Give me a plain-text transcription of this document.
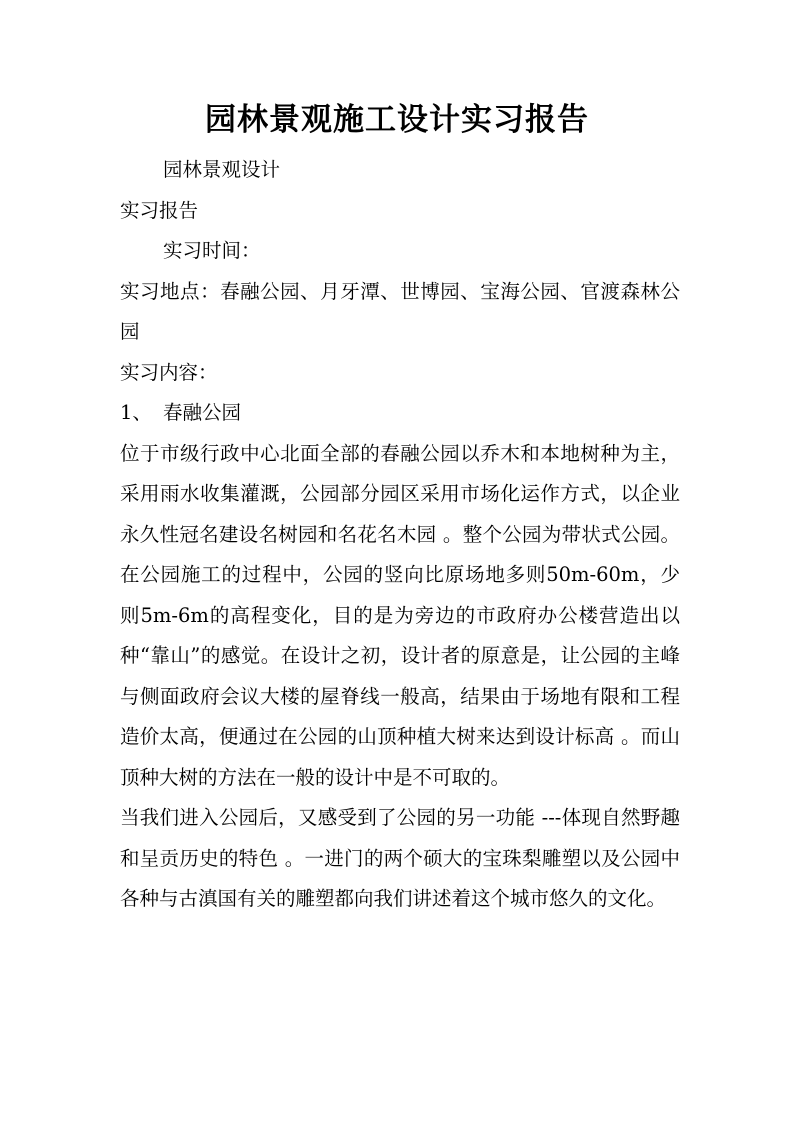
园林景观施工设计实习报告

园林景观设计

实习报告

实习时间：

实习地点：春融公园、月牙潭、世博园、宝海公园、官渡森林公园

实习内容：

1、 春融公园

位于市级行政中心北面全部的春融公园以乔木和本地树种为主，采用雨水收集灌溉，公园部分园区采用市场化运作方式，以企业永久性冠名建设名树园和名花名木园 。整个公园为带状式公园。在公园施工的过程中，公园的竖向比原场地多则50m-60m，少则5m-6m的高程变化，目的是为旁边的市政府办公楼营造出以种“靠山”的感觉。在设计之初，设计者的原意是，让公园的主峰与侧面政府会议大楼的屋脊线一般高，结果由于场地有限和工程造价太高，便通过在公园的山顶种植大树来达到设计标高 。而山顶种大树的方法在一般的设计中是不可取的。

当我们进入公园后，又感受到了公园的另一功能 ---体现自然野趣和呈贡历史的特色 。一进门的两个硕大的宝珠梨雕塑以及公园中各种与古滇国有关的雕塑都向我们讲述着这个城市悠久的文化。
